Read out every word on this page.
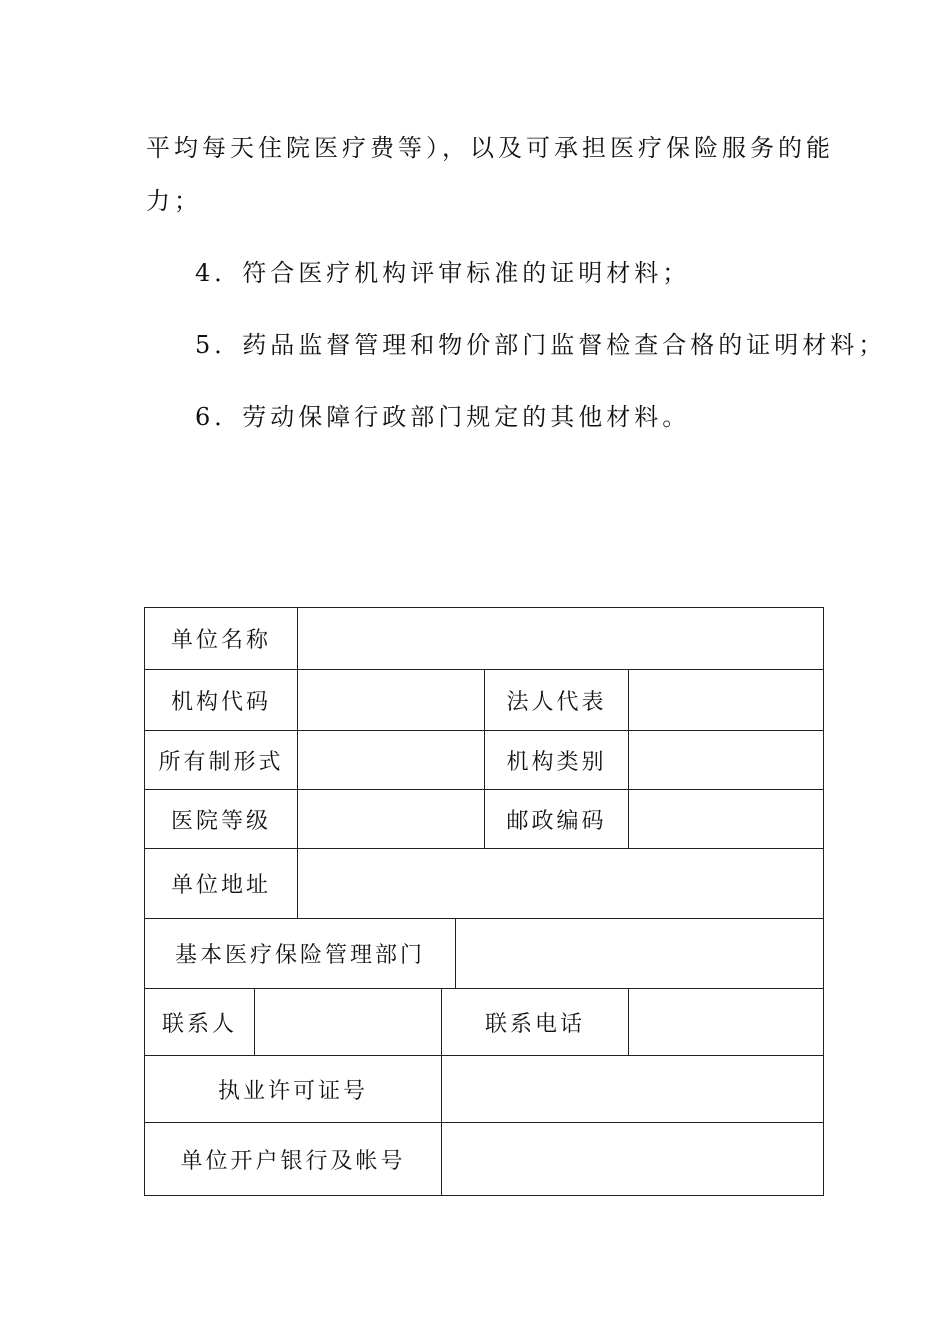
平均每天住院医疗费等），以及可承担医疗保险服务的能

力；

4．符合医疗机构评审标准的证明材料；

5．药品监督管理和物价部门监督检查合格的证明材料；

6．劳动保障行政部门规定的其他材料。

单位名称
机构代码	法人代表
所有制形式	机构类别
医院等级	邮政编码
单位地址
基本医疗保险管理部门
联系人	联系电话
执业许可证号
单位开户银行及帐号
